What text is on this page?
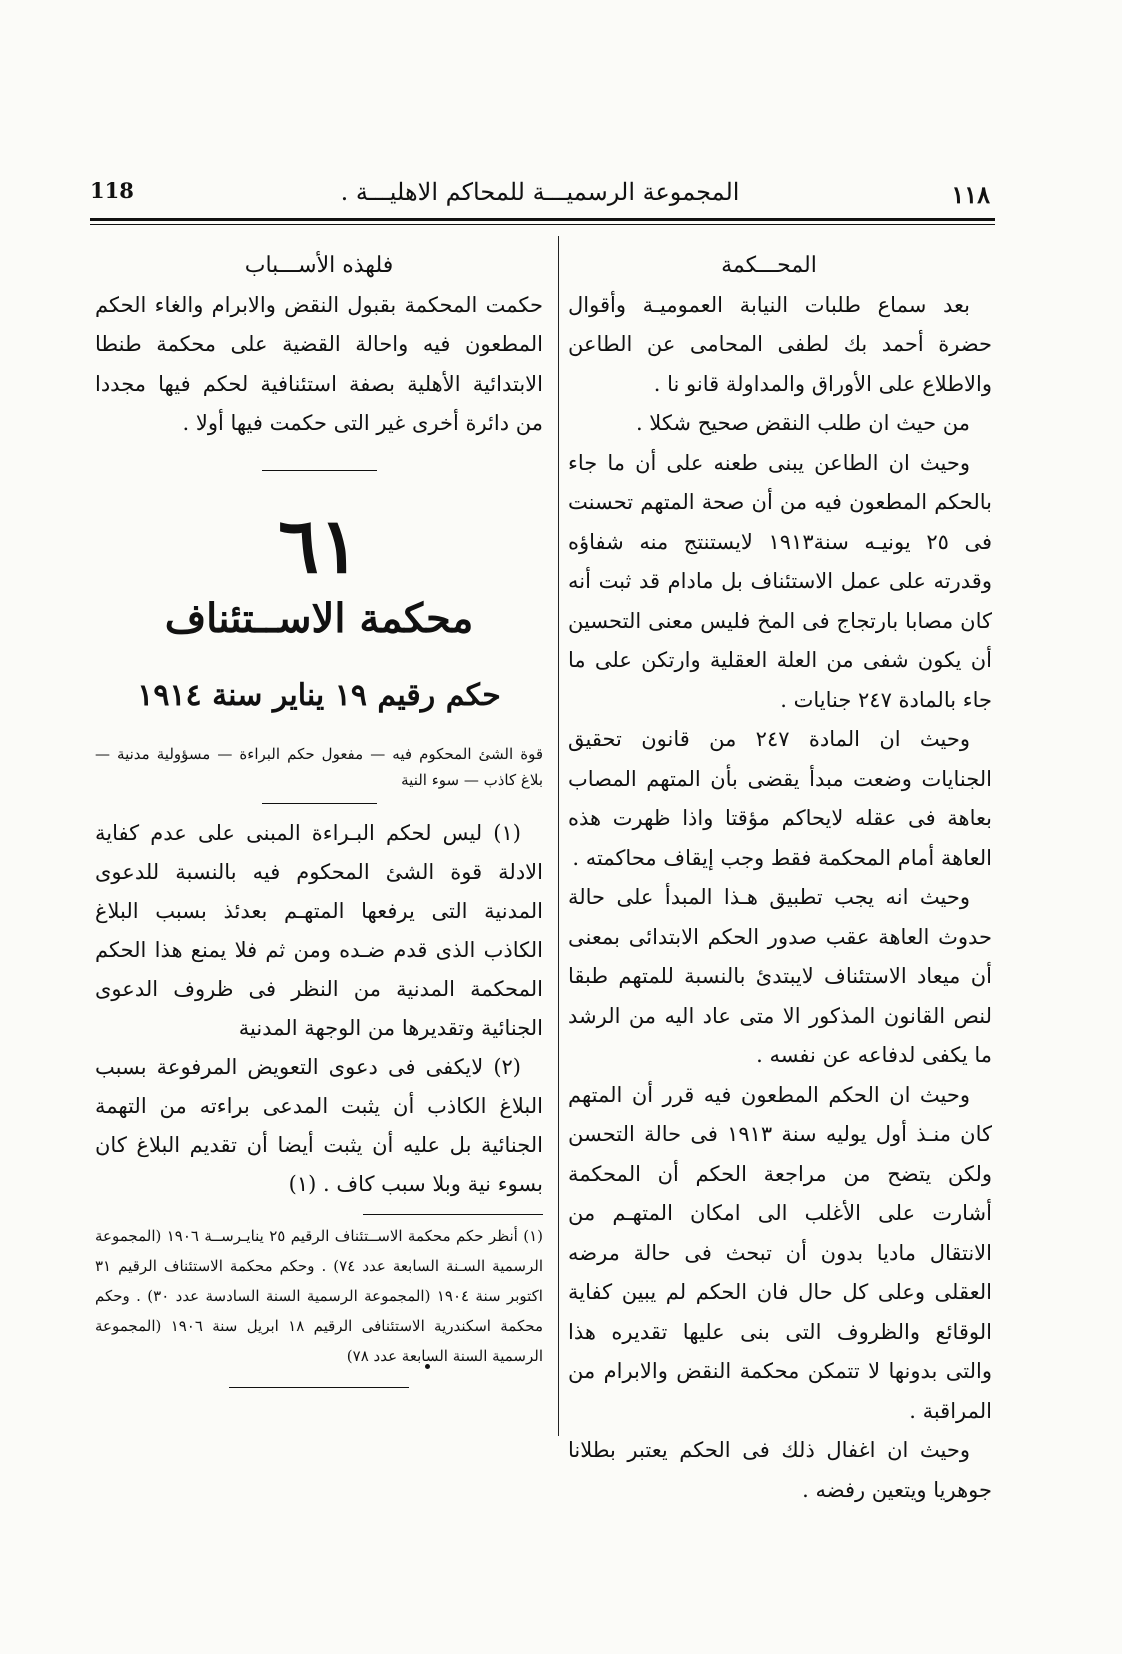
118	المجموعة الرسميـــة للمحاكم الاهليـــة .	١١٨

المحـــكمة

بعد سماع طلبات النيابة العموميـة وأقوال حضرة أحمد بك لطفى المحامى عن الطاعن والاطلاع على الأوراق والمداولة قانو نا .

من حيث ان طلب النقض صحيح شكلا .

وحيث ان الطاعن يبنى طعنه على أن ما جاء بالحكم المطعون فيه من أن صحة المتهم تحسنت فى ٢٥ يونيـه سنة١٩١٣ لايستنتج منه شفاؤه وقدرته على عمل الاستئناف بل مادام قد ثبت أنه كان مصابا بارتجاج فى المخ فليس معنى التحسين أن يكون شفى من العلة العقلية وارتكن على ما جاء بالمادة ٢٤٧ جنايات .

وحيث ان المادة ٢٤٧ من قانون تحقيق الجنايات وضعت مبدأ يقضى بأن المتهم المصاب بعاهة فى عقله لايحاكم مؤقتا واذا ظهرت هذه العاهة أمام المحكمة فقط وجب إيقاف محاكمته .

وحيث انه يجب تطبيق هـذا المبدأ على حالة حدوث العاهة عقب صدور الحكم الابتدائى بمعنى أن ميعاد الاستئناف لايبتدئ بالنسبة للمتهم طبقا لنص القانون المذكور الا متى عاد اليه من الرشد ما يكفى لدفاعه عن نفسه .

وحيث ان الحكم المطعون فيه قرر أن المتهم كان منـذ أول يوليه سنة ١٩١٣ فى حالة التحسن ولكن يتضح من مراجعة الحكم أن المحكمة أشارت على الأغلب الى امكان المتهـم من الانتقال ماديا بدون أن تبحث فى حالة مرضه العقلى وعلى كل حال فان الحكم لم يبين كفاية الوقائع والظروف التى بنى عليها تقديره هذا والتى بدونها لا تتمكن محكمة النقض والابرام من المراقبة .

وحيث ان اغفال ذلك فى الحكم يعتبر بطلانا جوهريا ويتعين رفضه .

فلهذه الأســـباب
حكمت المحكمة بقبول النقض والابرام والغاء الحكم المطعون فيه واحالة القضية على محكمة طنطا الابتدائية الأهلية بصفة استئنافية لحكم فيها مجددا من دائرة أخرى غير التى حكمت فيها أولا .
٦١
محكمة الاســتئناف
حكم رقيم ١٩ يناير سنة ١٩١٤
قوة الشئ المحكوم فيه — مفعول حكم البراءة — مسؤولية مدنية — بلاغ كاذب — سوء النية

(١) ليس لحكم البـراءة المبنى على عدم كفاية الادلة قوة الشئ المحكوم فيه بالنسبة للدعوى المدنية التى يرفعها المتهـم بعدئذ بسبب البلاغ الكاذب الذى قدم ضـده ومن ثم فلا يمنع هذا الحكم المحكمة المدنية من النظر فى ظروف الدعوى الجنائية وتقديرها من الوجهة المدنية

(٢) لايكفى فى دعوى التعويض المرفوعة بسبب البلاغ الكاذب أن يثبت المدعى براءته من التهمة الجنائية بل عليه أن يثبت أيضا أن تقديم البلاغ كان بسوء نية وبلا سبب كاف . (١)

(١) أنظر حكم محكمة الاســتئناف الرقيم ٢٥ ينايـرســة ١٩٠٦ (المجموعة الرسمية السـنة السابعة عدد ٧٤) . وحكم محكمة الاستئناف الرقيم ٣١ اكتوبر سنة ١٩٠٤ (المجموعة الرسمية السنة السادسة عدد ٣٠) . وحكم محكمة اسكندرية الاستئنافى الرقيم ١٨ ابريل سنة ١٩٠٦ (المجموعة الرسمية السنة السابعة عدد ٧٨)
